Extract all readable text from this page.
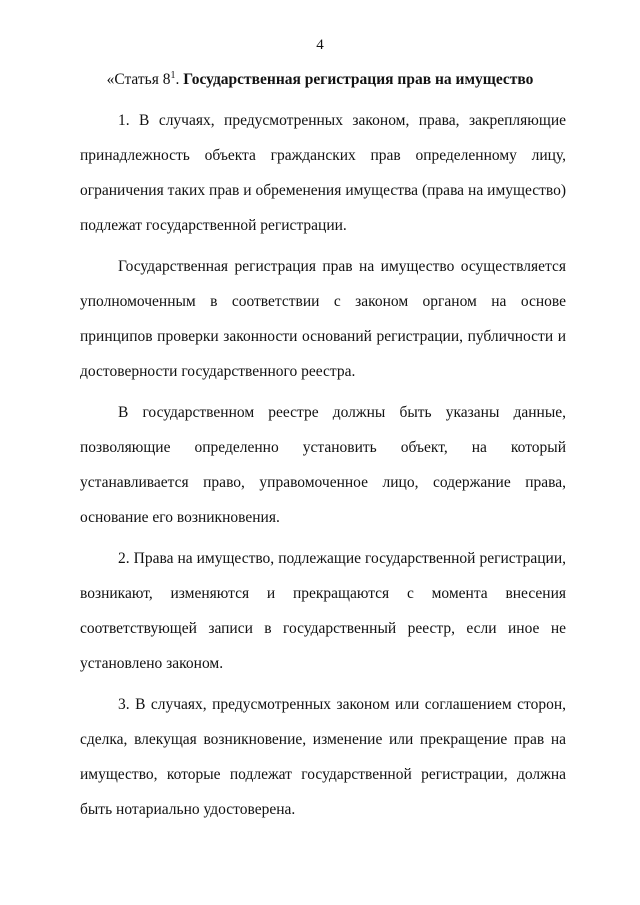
4
«Статья $8^1$. Государственная регистрация прав на имущество

1. В случаях, предусмотренных законом, права, закрепляющие принадлежность объекта гражданских прав определенному лицу, ограничения таких прав и обременения имущества (права на имущество) подлежат государственной регистрации.

Государственная регистрация прав на имущество осуществляется уполномоченным в соответствии с законом органом на основе принципов проверки законности оснований регистрации, публичности и достоверности государственного реестра.

В государственном реестре должны быть указаны данные, позволяющие определенно установить объект, на который устанавливается право, управомоченное лицо, содержание права, основание его возникновения.

2. Права на имущество, подлежащие государственной регистрации, возникают, изменяются и прекращаются с момента внесения соответствующей записи в государственный реестр, если иное не установлено законом.

3. В случаях, предусмотренных законом или соглашением сторон, сделка, влекущая возникновение, изменение или прекращение прав на имущество, которые подлежат государственной регистрации, должна быть нотариально удостоверена.
